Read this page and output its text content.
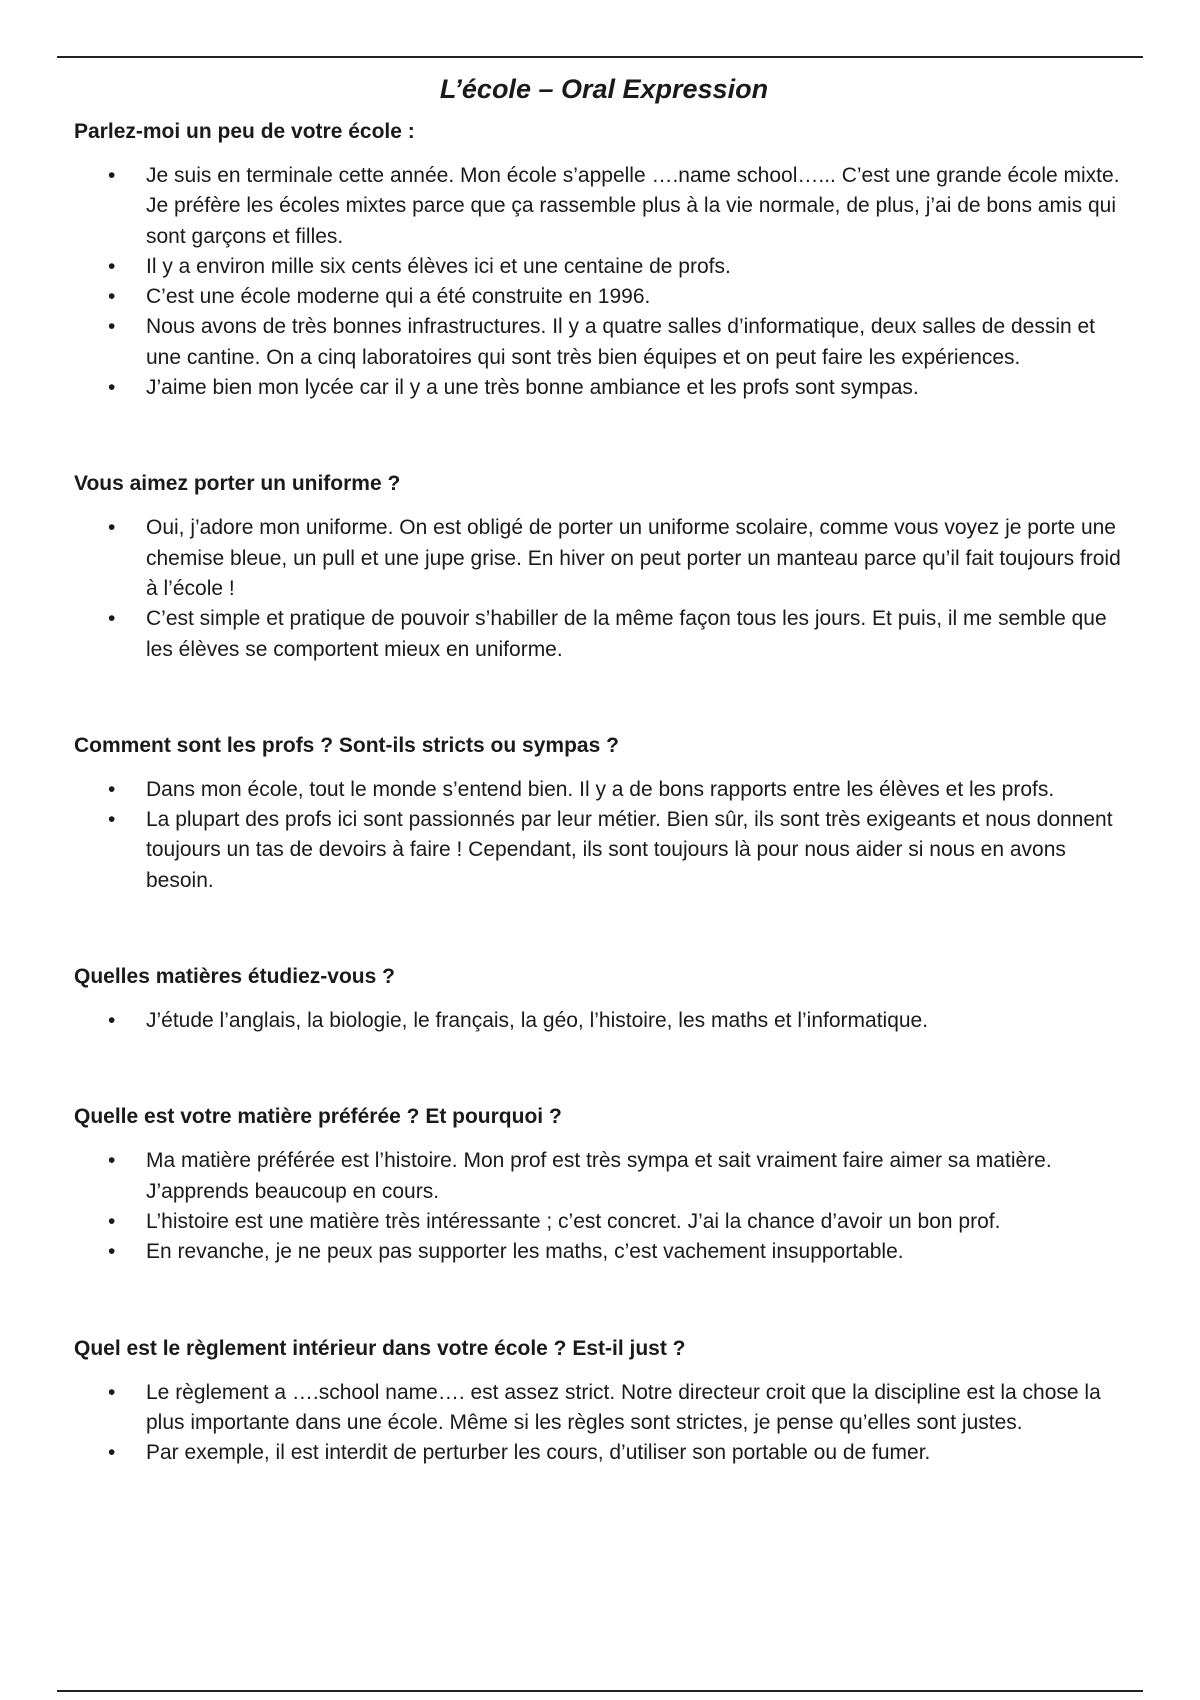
L’école – Oral Expression
Parlez-moi un peu de votre école :
• Je suis en terminale cette année. Mon école s’appelle ….name school…... C’est une grande école mixte. Je préfère les écoles mixtes parce que ça rassemble plus à la vie normale, de plus, j’ai de bons amis qui sont garçons et filles.
• Il y a environ mille six cents élèves ici et une centaine de profs.
• C’est une école moderne qui a été construite en 1996.
• Nous avons de très bonnes infrastructures. Il y a quatre salles d’informatique, deux salles de dessin et une cantine. On a cinq laboratoires qui sont très bien équipes et on peut faire les expériences.
• J’aime bien mon lycée car il y a une très bonne ambiance et les profs sont sympas.
Vous aimez porter un uniforme ?
• Oui, j’adore mon uniforme. On est obligé de porter un uniforme scolaire, comme vous voyez je porte une chemise bleue, un pull et une jupe grise. En hiver on peut porter un manteau parce qu’il fait toujours froid à l’école !
• C’est simple et pratique de pouvoir s’habiller de la même façon tous les jours. Et puis, il me semble que les élèves se comportent mieux en uniforme.
Comment sont les profs ? Sont-ils stricts ou sympas ?
• Dans mon école, tout le monde s’entend bien. Il y a de bons rapports entre les élèves et les profs.
• La plupart des profs ici sont passionnés par leur métier. Bien sûr, ils sont très exigeants et nous donnent toujours un tas de devoirs à faire ! Cependant, ils sont toujours là pour nous aider si nous en avons besoin.
Quelles matières étudiez-vous ?
• J’étude l’anglais, la biologie, le français, la géo, l’histoire, les maths et l’informatique.
Quelle est votre matière préférée ? Et pourquoi ?
• Ma matière préférée est l’histoire. Mon prof est très sympa et sait vraiment faire aimer sa matière. J’apprends beaucoup en cours.
• L’histoire est une matière très intéressante ; c’est concret. J’ai la chance d’avoir un bon prof.
• En revanche, je ne peux pas supporter les maths, c’est vachement insupportable.
Quel est le règlement intérieur dans votre école ? Est-il just ?
• Le règlement a ….school name…. est assez strict. Notre directeur croit que la discipline est la chose la plus importante dans une école. Même si les règles sont strictes, je pense qu’elles sont justes.
• Par exemple, il est interdit de perturber les cours, d’utiliser son portable ou de fumer.
